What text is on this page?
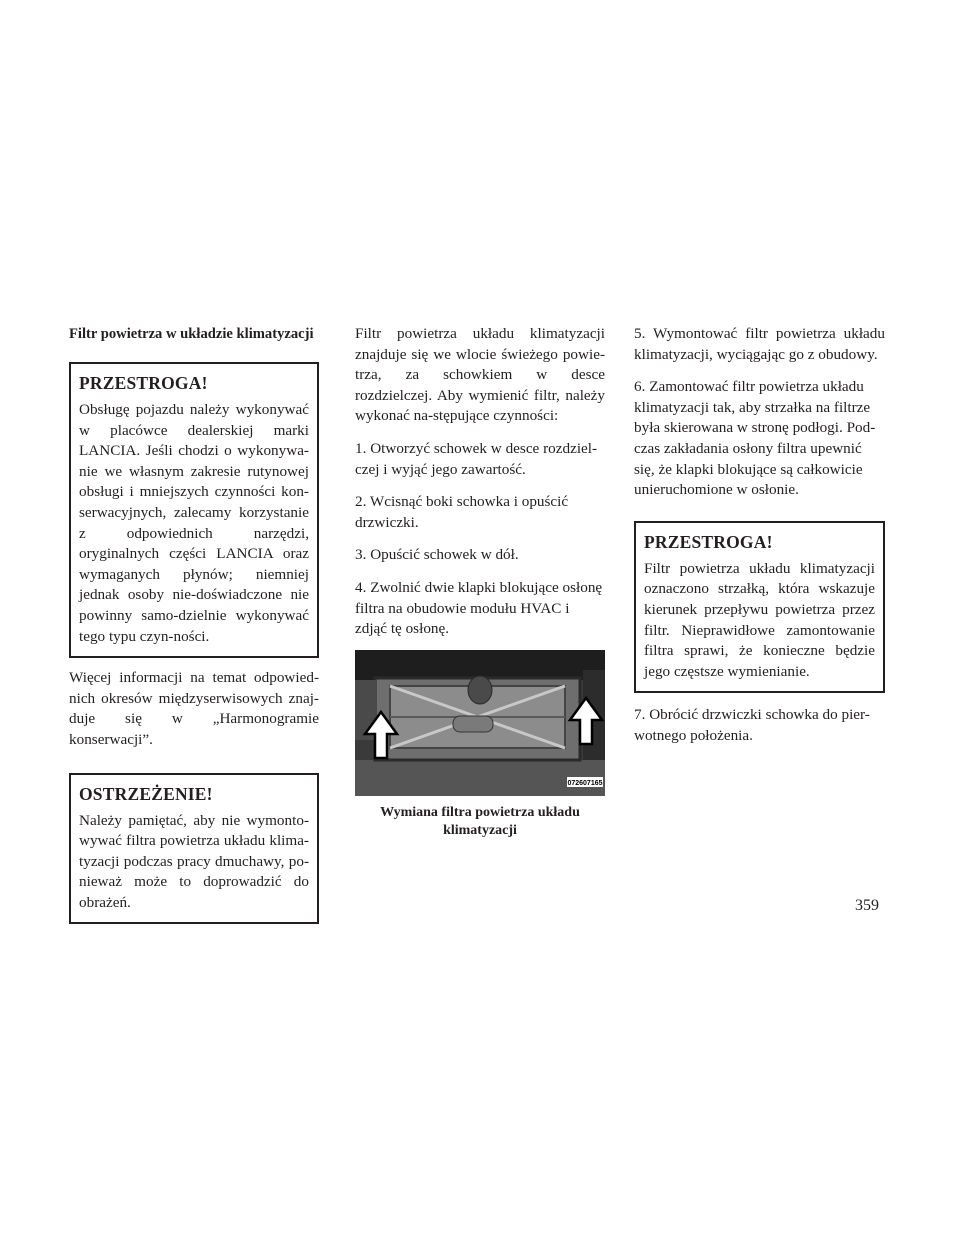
Filtr powietrza w układzie klimatyzacji

PRZESTROGA!

Obsługę pojazdu należy wykonywać w placówce dealerskiej marki LANCIA. Jeśli chodzi o wykonywa-nie we własnym zakresie rutynowej obsługi i mniejszych czynności kon-serwacyjnych, zalecamy korzystanie z odpowiednich narzędzi, oryginalnych części LANCIA oraz wymaganych płynów; niemniej jednak osoby nie-doświadczone nie powinny samo-dzielnie wykonywać tego typu czyn-ności.

Więcej informacji na temat odpowied-nich okresów międzyserwisowych znaj-duje się w „Harmonogramie konserwacji”.

OSTRZEŻENIE!

Należy pamiętać, aby nie wymonto-wywać filtra powietrza układu klima-tyzacji podczas pracy dmuchawy, po-nieważ może to doprowadzić do obrażeń.

Filtr powietrza układu klimatyzacji znajduje się we wlocie świeżego powie-trza, za schowkiem w desce rozdzielczej. Aby wymienić filtr, należy wykonać na-stępujące czynności:

1. Otworzyć schowek w desce rozdziel-czej i wyjąć jego zawartość.

2. Wcisnąć boki schowka i opuścić drzwiczki.

3. Opuścić schowek w dół.

4. Zwolnić dwie klapki blokujące osłonę filtra na obudowie modułu HVAC i zdjąć tę osłonę.

072607165

Wymiana filtra powietrza układu klimatyzacji

5. Wymontować filtr powietrza układu klimatyzacji, wyciągając go z obudowy.

6. Zamontować filtr powietrza układu klimatyzacji tak, aby strzałka na filtrze była skierowana w stronę podłogi. Pod-czas zakładania osłony filtra upewnić się, że klapki blokujące są całkowicie unieruchomione w osłonie.

PRZESTROGA!

Filtr powietrza układu klimatyzacji oznaczono strzałką, która wskazuje kierunek przepływu powietrza przez filtr. Nieprawidłowe zamontowanie filtra sprawi, że konieczne będzie jego częstsze wymienianie.

7. Obrócić drzwiczki schowka do pier-wotnego położenia.

359
